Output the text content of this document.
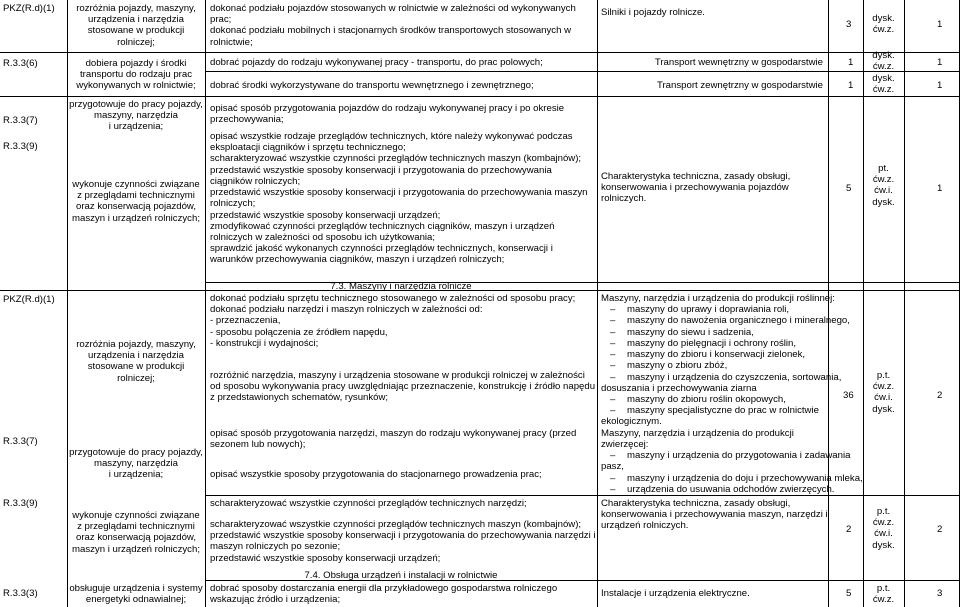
PKZ(R.d)(1)
R.3.3(6)
R.3.3(7)
R.3.3(9)
PKZ(R.d)(1)
R.3.3(7)
R.3.3(9)
R.3.3(3)
rozróżnia pojazdy, maszyny,
urządzenia i narzędzia
stosowane w produkcji
rolniczej;
dobiera pojazdy i środki
transportu do rodzaju prac
wykonywanych w rolnictwie;
przygotowuje do pracy pojazdy,
maszyny, narzędzia
i urządzenia;
wykonuje czynności związane
z przeglądami technicznymi
oraz konserwacją pojazdów,
maszyn i urządzeń rolniczych;
rozróżnia pojazdy, maszyny,
urządzenia i narzędzia
stosowane w produkcji
rolniczej;
przygotowuje do pracy pojazdy,
maszyny, narzędzia
i urządzenia;
wykonuje czynności związane
z przeglądami technicznymi
oraz konserwacją pojazdów,
maszyn i urządzeń rolniczych;
obsługuje urządzenia i systemy
energetyki odnawialnej;
dokonać podziału pojazdów stosowanych w rolnictwie w zależności od wykonywanych
prac;
dokonać podziału mobilnych i stacjonarnych środków transportowych stosowanych w
rolnictwie;
dobrać pojazdy do rodzaju wykonywanej pracy - transportu, do prac polowych;
dobrać środki wykorzystywane do transportu wewnętrznego i zewnętrznego;
opisać sposób przygotowania pojazdów do rodzaju wykonywanej pracy i po okresie
przechowywania;
opisać wszystkie rodzaje przeglądów technicznych, które należy wykonywać podczas
eksploatacji ciągników i sprzętu technicznego;
scharakteryzować wszystkie czynności przeglądów technicznych maszyn (kombajnów);
przedstawić wszystkie sposoby konserwacji i przygotowania do przechowywania
ciągników rolniczych;
przedstawić wszystkie sposoby konserwacji i przygotowania do przechowywania maszyn
rolniczych;
przedstawić wszystkie sposoby konserwacji urządzeń;
zmodyfikować czynności przeglądów technicznych ciągników, maszyn i urządzeń
rolniczych w zależności od sposobu ich użytkowania;
sprawdzić jakość wykonanych czynności przeglądów technicznych, konserwacji i
warunków przechowywania ciągników, maszyn i urządzeń rolniczych;
7.3. Maszyny i narzędzia rolnicze
dokonać podziału sprzętu technicznego stosowanego w zależności od sposobu pracy;
dokonać podziału narzędzi i maszyn rolniczych w zależności od:
- przeznaczenia,
- sposobu połączenia ze źródłem napędu,
- konstrukcji i wydajności;
rozróżnić narzędzia, maszyny i urządzenia stosowane w produkcji rolniczej w zależności
od sposobu wykonywania pracy uwzględniając przeznaczenie, konstrukcję i źródło napędu
z przedstawionych schematów, rysunków;
opisać sposób przygotowania narzędzi, maszyn do rodzaju wykonywanej pracy (przed
sezonem lub nowych);
opisać wszystkie sposoby przygotowania do stacjonarnego prowadzenia prac;
scharakteryzować wszystkie czynności przeglądów technicznych narzędzi;
scharakteryzować wszystkie czynności przeglądów technicznych maszyn (kombajnów);
przedstawić wszystkie sposoby konserwacji i przygotowania do przechowywania narzędzi i
maszyn rolniczych po sezonie;
przedstawić wszystkie sposoby konserwacji urządzeń;
7.4. Obsługa urządzeń i instalacji w rolnictwie
dobrać sposoby dostarczania energii dla przykładowego gospodarstwa rolniczego
wskazując źródło i urządzenia;
Silniki i pojazdy rolnicze.
Transport wewnętrzny w gospodarstwie
Transport zewnętrzny w gospodarstwie
Charakterystyka techniczna, zasady obsługi,
konserwowania i przechowywania pojazdów
rolniczych.
Maszyny, narzędzia i urządzenia do produkcji roślinnej:
– maszyny do uprawy i doprawiania roli,
– maszyny do nawożenia organicznego i mineralnego,
– maszyny do siewu i sadzenia,
– maszyny do pielęgnacji i ochrony roślin,
– maszyny do zbioru i konserwacji zielonek,
– maszyny o zbioru zbóż,
– maszyny i urządzenia do czyszczenia, sortowania,
dosuszania i przechowywania ziarna
– maszyny do zbioru roślin okopowych,
– maszyny specjalistyczne do prac w rolnictwie
ekologicznym.
Maszyny, narzędzia i urządzenia do produkcji
zwierzęcej:
– maszyny i urządzenia do przygotowania i zadawania
pasz,
– maszyny i urządzenia do doju i przechowywania mleka,
– urządzenia do usuwania odchodów zwierzęcych.
Charakterystyka techniczna, zasady obsługi,
konserwowania i przechowywania maszyn, narzędzi i
urządzeń rolniczych.
Instalacje i urządzenia elektryczne.
3
1
1
5
36
2
5
dysk.
ćw.z.
dysk.
ćw.z.
dysk.
ćw.z.
pt.
ćw.z.
ćw.i.
dysk.
p.t.
ćw.z.
ćw.i.
dysk.
p.t.
ćw.z.
ćw.i.
dysk.
p.t.
ćw.z.
1
1
1
1
2
2
3
